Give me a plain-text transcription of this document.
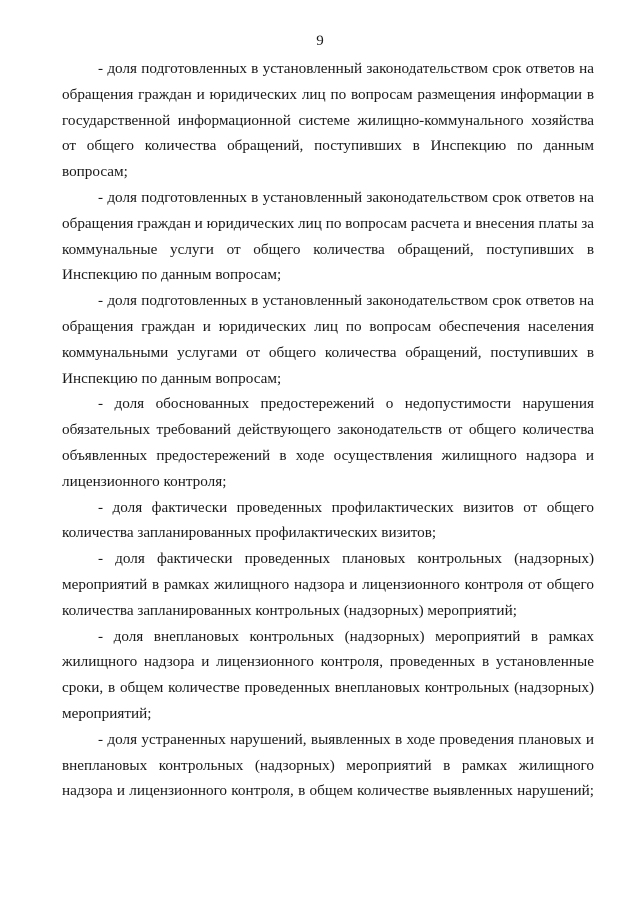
9

- доля подготовленных в установленный законодательством срок ответов на
обращения граждан и юридических лиц по вопросам размещения информации в
государственной информационной системе жилищно-коммунального хозяйства
от общего количества обращений, поступивших в Инспекцию по данным
вопросам;

- доля подготовленных в установленный законодательством срок ответов на
обращения граждан и юридических лиц по вопросам расчета и внесения платы за
коммунальные услуги от общего количества обращений, поступивших в
Инспекцию по данным вопросам;

- доля подготовленных в установленный законодательством срок ответов на
обращения граждан и юридических лиц по вопросам обеспечения населения
коммунальными услугами от общего количества обращений, поступивших в
Инспекцию по данным вопросам;

- доля обоснованных предостережений о недопустимости нарушения
обязательных требований действующего законодательств от общего количества
объявленных предостережений в ходе осуществления жилищного надзора и
лицензионного контроля;

- доля фактически проведенных профилактических визитов от общего
количества запланированных профилактических визитов;

- доля фактически проведенных плановых контрольных (надзорных)
мероприятий в рамках жилищного надзора и лицензионного контроля от общего
количества запланированных контрольных (надзорных) мероприятий;

- доля внеплановых контрольных (надзорных) мероприятий в рамках
жилищного надзора и лицензионного контроля, проведенных в установленные
сроки, в общем количестве проведенных внеплановых контрольных (надзорных)
мероприятий;

- доля устраненных нарушений, выявленных в ходе проведения плановых и
внеплановых контрольных (надзорных) мероприятий в рамках жилищного
надзора и лицензионного контроля, в общем количестве выявленных нарушений;
